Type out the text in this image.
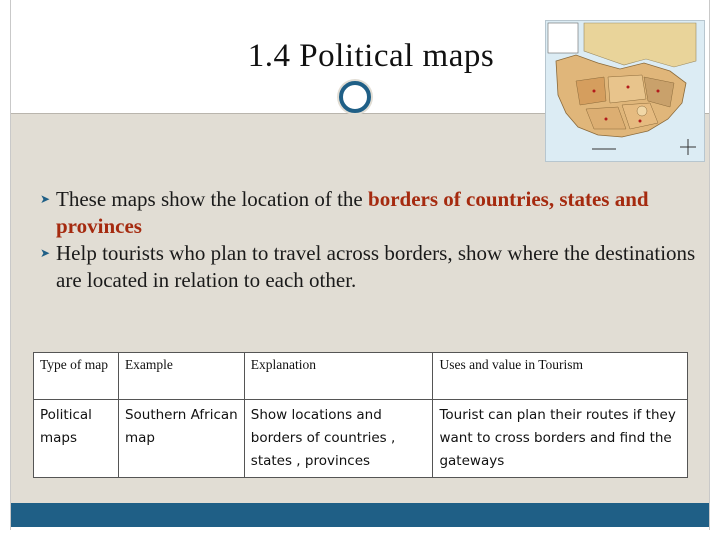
1.4 Political maps
➤ These maps show the location of the borders of countries, states and provinces
➤ Help tourists who plan to travel across borders, show where the destinations are located in relation to each other.
Type of map	Example	Explanation	Uses and value in Tourism
Political maps	Southern African map	Show locations and borders of countries , states , provinces	Tourist can plan their routes if they want to cross borders and find the gateways
